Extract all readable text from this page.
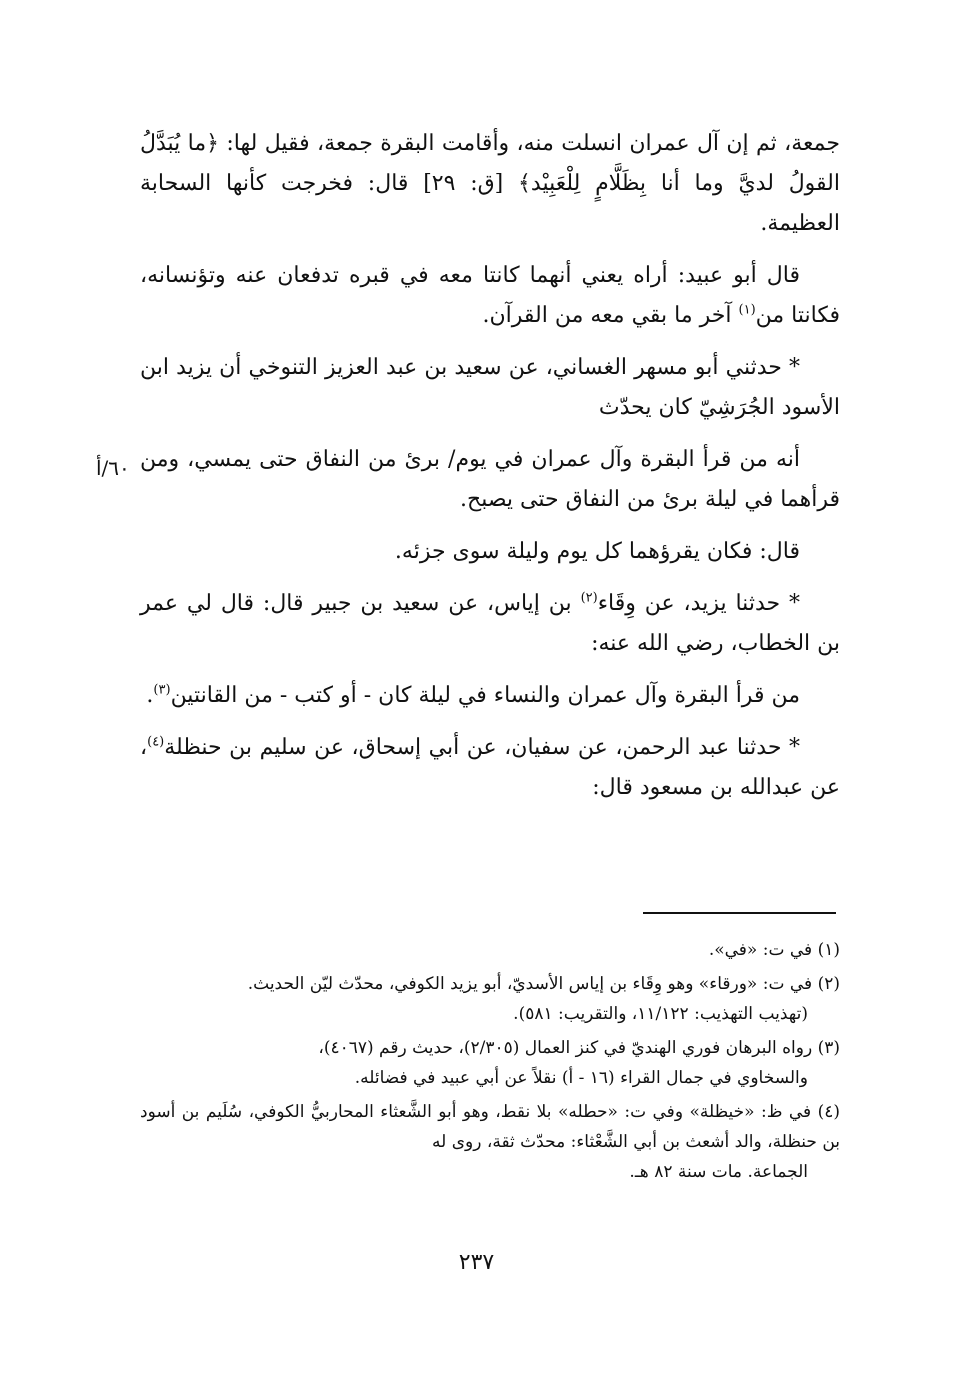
جمعة، ثم إن آل عمران انسلت منه، وأقامت البقرة جمعة، فقيل لها: ﴿ما يُبَدَّلُ القولُ لديَّ وما أنا بِظَلَّامٍ لِلْعَبِيْد﴾ [ق: ٢٩] قال: فخرجت كأنها السحابة العظيمة.

قال أبو عبيد: أراه يعني أنهما كانتا معه في قبره تدفعان عنه وتؤنسانه، فكانتا من$^{(١)}$ آخر ما بقي معه من القرآن.

* حدثني أبو مسهر الغساني، عن سعيد بن عبد العزيز التنوخي أن يزيد ابن الأسود الجُرَشِيّ كان يحدّث

أنه من قرأ البقرة وآل عمران في يوم/ برئ من النفاق حتى يمسي، ومن قرأهما في ليلة برئ من النفاق حتى يصبح.

قال: فكان يقرؤهما كل يوم وليلة سوى جزئه.

* حدثنا يزيد، عن وِقَاء$^{(٢)}$ بن إياس، عن سعيد بن جبير قال: قال لي عمر بن الخطاب، رضي الله عنه:

من قرأ البقرة وآل عمران والنساء في ليلة كان - أو كتب - من القانتين$^{(٣)}$.

* حدثنا عبد الرحمن، عن سفيان، عن أبي إسحاق، عن سليم بن حنظلة$^{(٤)}$، عن عبدالله بن مسعود قال:

٦٠/أ

(١) في ت: «في».

(٢) في ت: «ورقاء» وهو وِقَاء بن إياس الأسديّ، أبو يزيد الكوفي، محدّث ليّن الحديث.
(تهذيب التهذيب: ١١/١٢٢، والتقريب: ٥٨١).

(٣) رواه البرهان فوري الهنديّ في كنز العمال (٢/٣٠٥)، حديث رقم (٤٠٦٧)،
والسخاوي في جمال القراء (١٦ - أ) نقلاً عن أبي عبيد في فضائله.

(٤) في ظ: «خيظلة» وفي ت: «حطله» بلا نقط، وهو أبو الشَّعثاء المحاربيُّ الكوفي، سُلَيم بن أسود بن حنظلة، والد أشعث بن أبي الشَّعْثاء: محدّث ثقة، روى له
الجماعة. مات سنة ٨٢ هـ.

٢٣٧
